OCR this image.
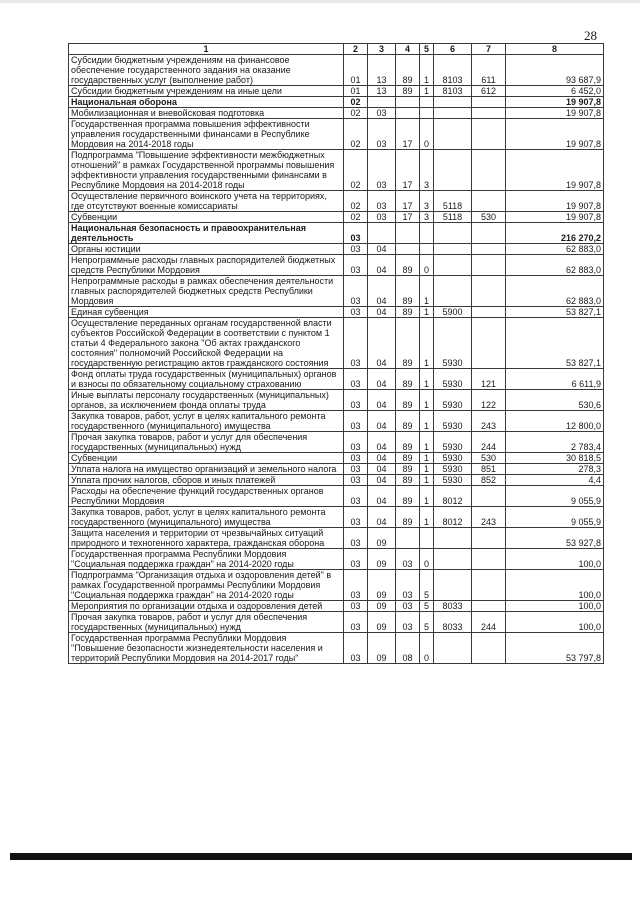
28
1	2	3	4	5	6	7	8
Субсидии бюджетным учреждениям на финансовое обеспечение государственного задания на оказание государственных услуг (выполнение работ)	01	13	89	1	8103	611	93 687,9
Субсидии бюджетным учреждениям на иные цели	01	13	89	1	8103	612	6 452,0
Национальная оборона	02						19 907,8
Мобилизационная и вневойсковая подготовка	02	03					19 907,8
Государственная программа повышения эффективности управления государственными финансами в Республике Мордовия на 2014-2018 годы	02	03	17	0			19 907,8
Подпрограмма "Повышение эффективности межбюджетных отношений" в рамках Государственной программы повышения эффективности управления государственными финансами в Республике Мордовия на 2014-2018 годы	02	03	17	3			19 907,8
Осуществление первичного воинского учета на территориях, где отсутствуют военные комиссариаты	02	03	17	3	5118		19 907,8
Субвенции	02	03	17	3	5118	530	19 907,8
Национальная безопасность и правоохранительная деятельность	03						216 270,2
Органы юстиции	03	04					62 883,0
Непрограммные расходы главных распорядителей бюджетных средств Республики Мордовия	03	04	89	0			62 883,0
Непрограммные расходы в рамках обеспечения деятельности главных распорядителей бюджетных средств Республики Мордовия	03	04	89	1			62 883,0
Единая субвенция	03	04	89	1	5900		53 827,1
Осуществление переданных органам государственной власти субъектов Российской Федерации в соответствии с пунктом 1 статьи 4 Федерального закона "Об актах гражданского состояния" полномочий Российской Федерации на государственную регистрацию актов гражданского состояния	03	04	89	1	5930		53 827,1
Фонд оплаты труда государственных (муниципальных) органов и взносы по обязательному социальному страхованию	03	04	89	1	5930	121	6 611,9
Иные выплаты персоналу государственных (муниципальных) органов, за исключением фонда оплаты труда	03	04	89	1	5930	122	530,6
Закупка товаров, работ, услуг в целях капитального ремонта государственного (муниципального) имущества	03	04	89	1	5930	243	12 800,0
Прочая закупка товаров, работ и услуг для обеспечения государственных (муниципальных) нужд	03	04	89	1	5930	244	2 783,4
Субвенции	03	04	89	1	5930	530	30 818,5
Уплата налога на имущество организаций и земельного налога	03	04	89	1	5930	851	278,3
Уплата прочих налогов, сборов и иных платежей	03	04	89	1	5930	852	4,4
Расходы на обеспечение функций государственных органов Республики Мордовия	03	04	89	1	8012		9 055,9
Закупка товаров, работ, услуг в целях капитального ремонта государственного (муниципального) имущества	03	04	89	1	8012	243	9 055,9
Защита населения и территории от чрезвычайных ситуаций природного и техногенного характера, гражданская оборона	03	09					53 927,8
Государственная программа Республики Мордовия "Социальная поддержка граждан" на 2014-2020 годы	03	09	03	0			100,0
Подпрограмма "Организация отдыха и оздоровления детей" в рамках Государственной программы Республики Мордовия "Социальная поддержка граждан" на 2014-2020 годы	03	09	03	5			100,0
Мероприятия по организации отдыха и оздоровления детей	03	09	03	5	8033		100,0
Прочая закупка товаров, работ и услуг для обеспечения государственных (муниципальных) нужд	03	09	03	5	8033	244	100,0
Государственная программа Республики Мордовия "Повышение безопасности жизнедеятельности населения и территорий Республики Мордовия на 2014-2017 годы"	03	09	08	0			53 797,8
